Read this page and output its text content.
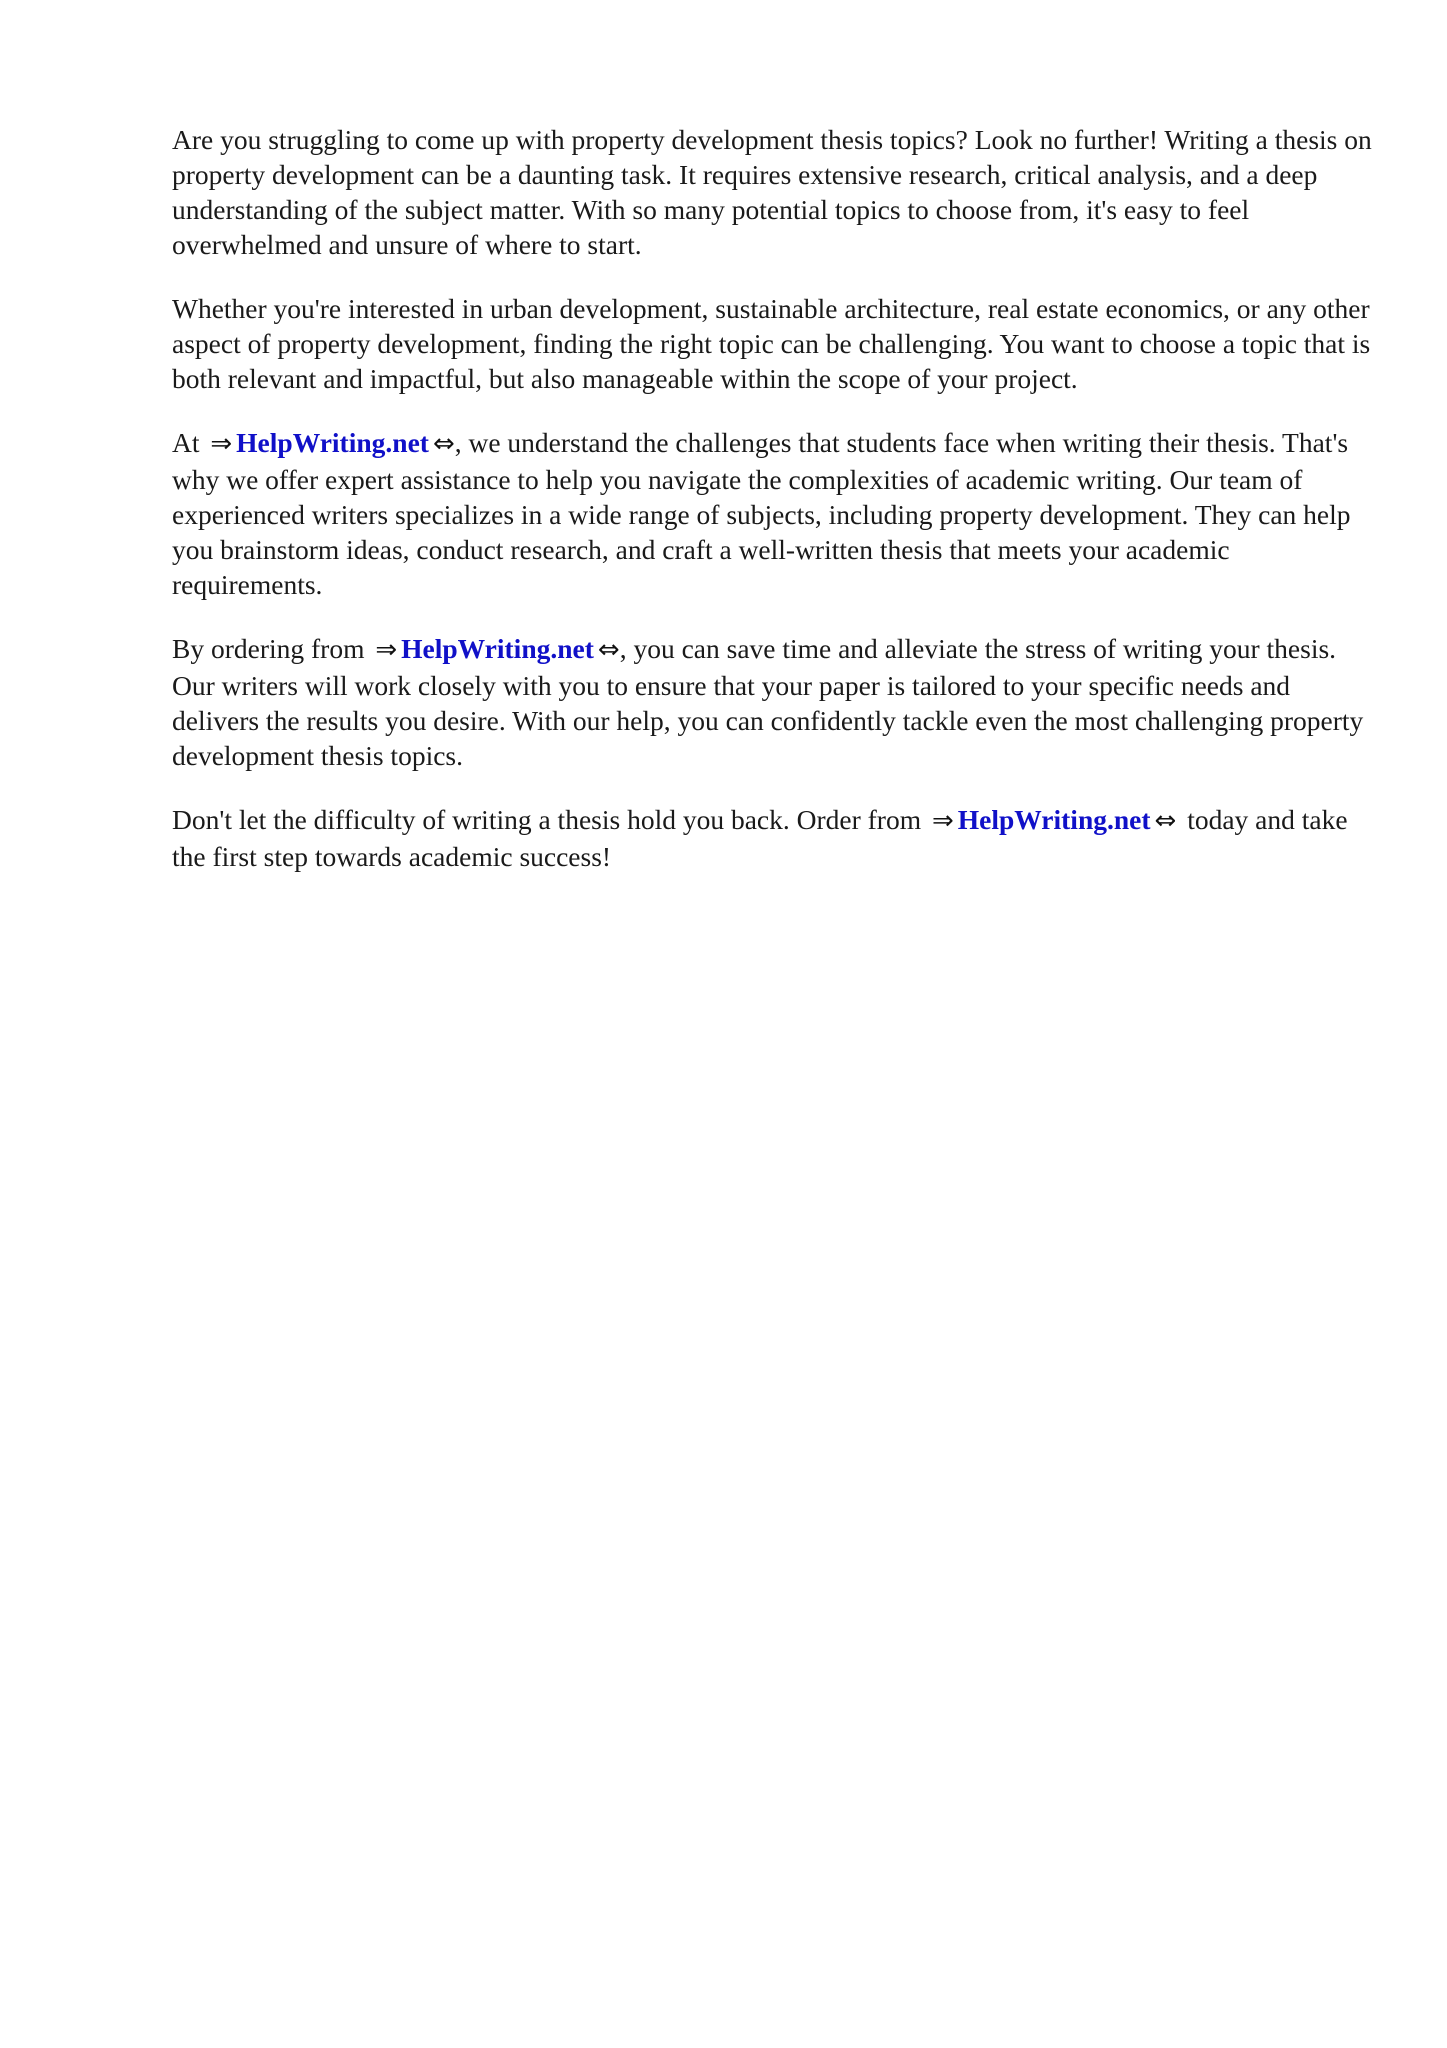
Are you struggling to come up with property development thesis topics? Look no further! Writing a thesis on property development can be a daunting task. It requires extensive research, critical analysis, and a deep understanding of the subject matter. With so many potential topics to choose from, it's easy to feel overwhelmed and unsure of where to start.

Whether you're interested in urban development, sustainable architecture, real estate economics, or any other aspect of property development, finding the right topic can be challenging. You want to choose a topic that is both relevant and impactful, but also manageable within the scope of your project.

At ⇒ HelpWriting.net ⇔, we understand the challenges that students face when writing their thesis. That's why we offer expert assistance to help you navigate the complexities of academic writing. Our team of experienced writers specializes in a wide range of subjects, including property development. They can help you brainstorm ideas, conduct research, and craft a well-written thesis that meets your academic requirements.

By ordering from ⇒ HelpWriting.net ⇔, you can save time and alleviate the stress of writing your thesis. Our writers will work closely with you to ensure that your paper is tailored to your specific needs and delivers the results you desire. With our help, you can confidently tackle even the most challenging property development thesis topics.

Don't let the difficulty of writing a thesis hold you back. Order from ⇒ HelpWriting.net ⇔ today and take the first step towards academic success!
